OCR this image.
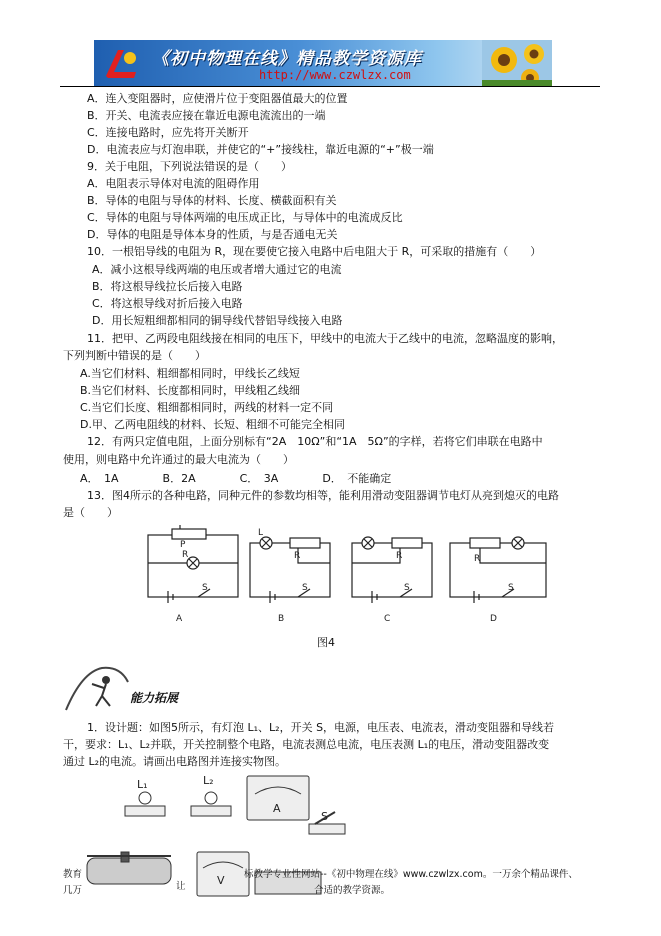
《初中物理在线》精品教学资源库
http://www.czwlzx.com
A．连入变阻器时，应使滑片位于变阻器值最大的位置
B．开关、电流表应接在靠近电源电流流出的一端
C．连接电路时，应先将开关断开
D．电流表应与灯泡串联，并使它的“+”接线柱，靠近电源的“+”极一端
9．关于电阻，下列说法错误的是（　　）
A．电阻表示导体对电流的阻碍作用
B．导体的电阻与导体的材料、长度、横截面积有关
C．导体的电阻与导体两端的电压成正比，与导体中的电流成反比
D．导体的电阻是导体本身的性质，与是否通电无关
10．一根铝导线的电阻为 R，现在要使它接入电路中后电阻大于 R，可采取的措施有（　　）
A．减小这根导线两端的电压或者增大通过它的电流
B．将这根导线拉长后接入电路
C．将这根导线对折后接入电路
D．用长短粗细都相同的铜导线代替铝导线接入电路
11．把甲、乙两段电阻线接在相同的电压下，甲线中的电流大于乙线中的电流，忽略温度的影响，
下列判断中错误的是（　　）
A.当它们材料、粗细都相同时，甲线长乙线短
B.当它们材料、长度都相同时，甲线粗乙线细
C.当它们长度、粗细都相同时，两线的材料一定不同
D.甲、乙两电阻线的材料、长短、粗细不可能完全相同
12．有两只定值电阻，上面分别标有“2A　10Ω”和“1A　5Ω”的字样，若将它们串联在电路中
使用，则电路中允许通过的最大电流为（　　）
A．　1A　　　　B．2A　　　　C．　3A　　　　D．　不能确定
13．图4所示的各种电路，同种元件的参数均相等，能利用滑动变阻器调节电灯从亮到熄灭的电路
是（　　）
P
R
S
L
R
S
R
S
R
S
A	B	C	D
图4
能力拓展
1．设计题：如图5所示，有灯泡 L₁、L₂，开关 S，电源，电压表、电流表，滑动变阻器和导线若
干，要求：L₁、L₂并联，开关控制整个电路，电流表测总电流，电压表测 L₁的电压，滑动变阻器改变
通过 L₂的电流。请画出电路图并连接实物图。
L₁	L₂
A
S
V
教育
几万	让
标教学专业性网站--《初中物理在线》www.czwlzx.com。一万余个精品课件、
合适的教学资源。
